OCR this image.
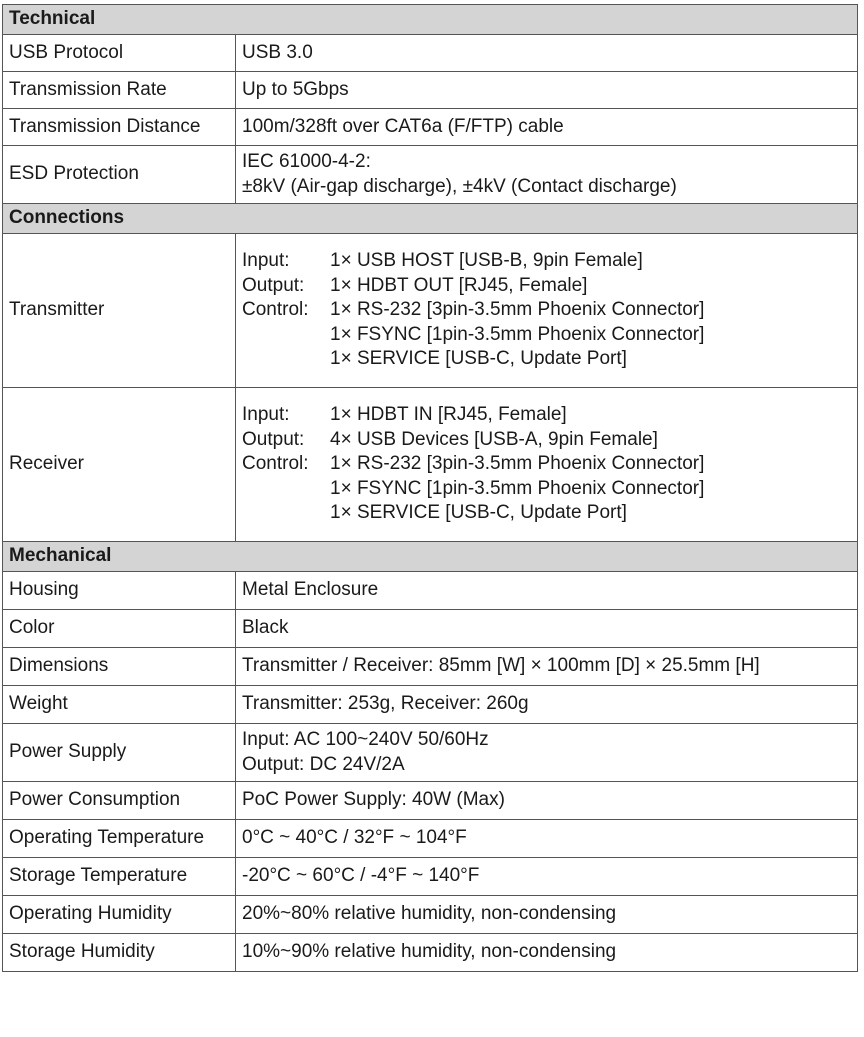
Technical	
USB Protocol	USB 3.0
Transmission Rate	Up to 5Gbps
Transmission Distance	100m/328ft over CAT6a (F/FTP) cable
ESD Protection	IEC 61000-4-2:
±8kV (Air-gap discharge), ±4kV (Contact discharge)

Connections	
Transmitter	Input: 1× USB HOST [USB-B, 9pin Female]
Output: 1× HDBT OUT [RJ45, Female]
Control: 1× RS-232 [3pin-3.5mm Phoenix Connector]
1× FSYNC [1pin-3.5mm Phoenix Connector]
1× SERVICE [USB-C, Update Port]

Receiver	Input: 1× HDBT IN [RJ45, Female]
Output: 4× USB Devices [USB-A, 9pin Female]
Control: 1× RS-232 [3pin-3.5mm Phoenix Connector]
1× FSYNC [1pin-3.5mm Phoenix Connector]
1× SERVICE [USB-C, Update Port]

Mechanical	
Housing	Metal Enclosure
Color	Black
Dimensions	Transmitter / Receiver: 85mm [W] × 100mm [D] × 25.5mm [H]
Weight	Transmitter: 253g, Receiver: 260g
Power Supply	Input: AC 100~240V 50/60Hz
Output: DC 24V/2A

Power Consumption	PoC Power Supply: 40W (Max)
Operating Temperature	0°C ~ 40°C / 32°F ~ 104°F
Storage Temperature	-20°C ~ 60°C / -4°F ~ 140°F
Operating Humidity	20%~80% relative humidity, non-condensing
Storage Humidity	10%~90% relative humidity, non-condensing
